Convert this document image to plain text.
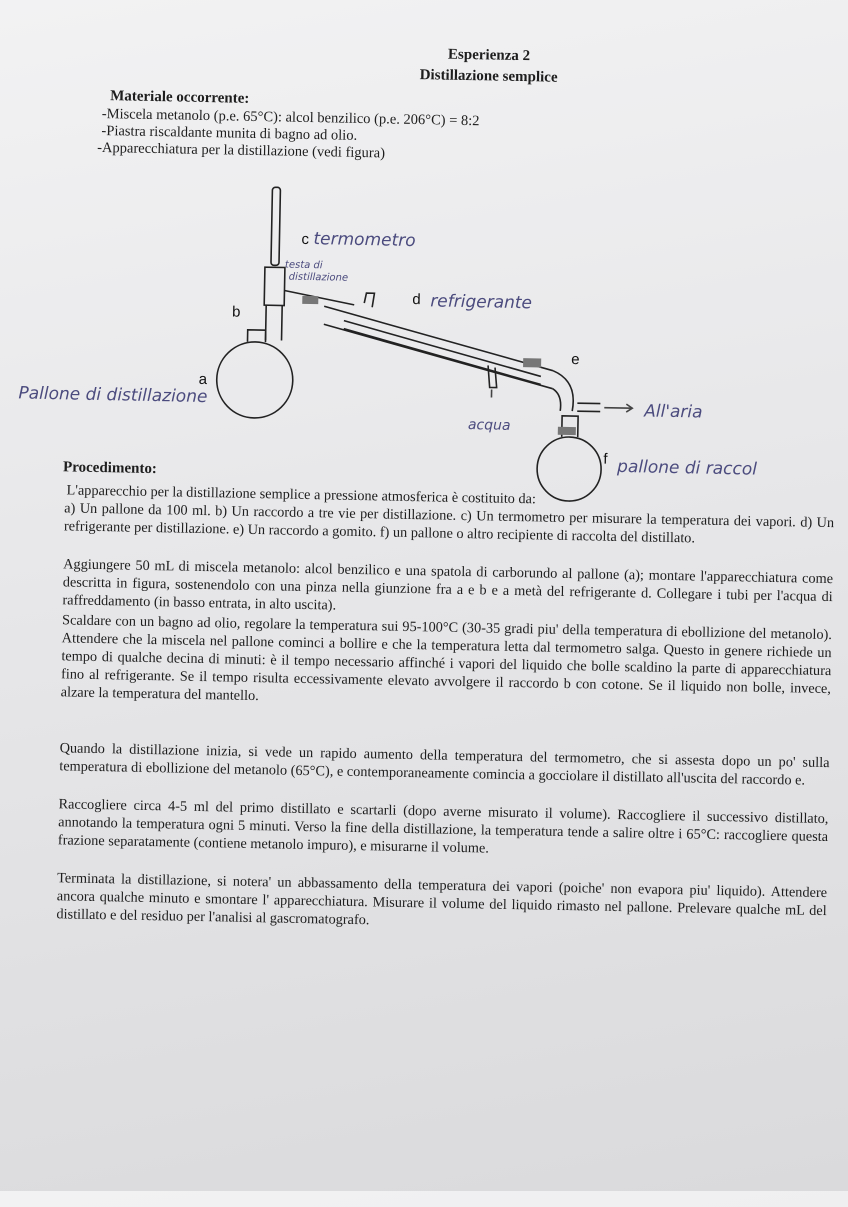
Esperienza 2
Distillazione semplice
Materiale occorrente:
-Miscela metanolo (p.e. 65°C): alcol benzilico (p.e. 206°C) = 8:2
-Piastra riscaldante munita di bagno ad olio.
-Apparecchiatura per la distillazione (vedi figura)
c
b
a
d
e
f
termometro
testa di
distillazione
refrigerante
Pallone di distillazione
acqua
All'aria
pallone di raccol
Procedimento:
L'apparecchio per la distillazione semplice a pressione atmosferica è costituito da:
a) Un pallone da 100 ml. b) Un raccordo a tre vie per distillazione. c) Un termometro per misurare la temperatura dei vapori. d) Un refrigerante per distillazione. e) Un raccordo a gomito. f) un pallone o altro recipiente di raccolta del distillato.
Aggiungere 50 mL di miscela metanolo: alcol benzilico e una spatola di carborundo al pallone (a); montare l'apparecchiatura come descritta in figura, sostenendolo con una pinza nella giunzione fra a e b e a metà del refrigerante d. Collegare i tubi per l'acqua di raffreddamento (in basso entrata, in alto uscita).
Scaldare con un bagno ad olio, regolare la temperatura sui 95-100°C (30-35 gradi piu' della temperatura di ebollizione del metanolo). Attendere che la miscela nel pallone cominci a bollire e che la temperatura letta dal termometro salga. Questo in genere richiede un tempo di qualche decina di minuti: è il tempo necessario affinché i vapori del liquido che bolle scaldino la parte di apparecchiatura fino al refrigerante. Se il tempo risulta eccessivamente elevato avvolgere il raccordo b con cotone. Se il liquido non bolle, invece, alzare la temperatura del mantello.
Quando la distillazione inizia, si vede un rapido aumento della temperatura del termometro, che si assesta dopo un po' sulla temperatura di ebollizione del metanolo (65°C), e contemporaneamente comincia a gocciolare il distillato all'uscita del raccordo e.
Raccogliere circa 4-5 ml del primo distillato e scartarli (dopo averne misurato il volume). Raccogliere il successivo distillato, annotando la temperatura ogni 5 minuti. Verso la fine della distillazione, la temperatura tende a salire oltre i 65°C: raccogliere questa frazione separatamente (contiene metanolo impuro), e misurarne il volume.
Terminata la distillazione, si notera' un abbassamento della temperatura dei vapori (poiche' non evapora piu' liquido). Attendere ancora qualche minuto e smontare l' apparecchiatura. Misurare il volume del liquido rimasto nel pallone. Prelevare qualche mL del distillato e del residuo per l'analisi al gascromatografo.
